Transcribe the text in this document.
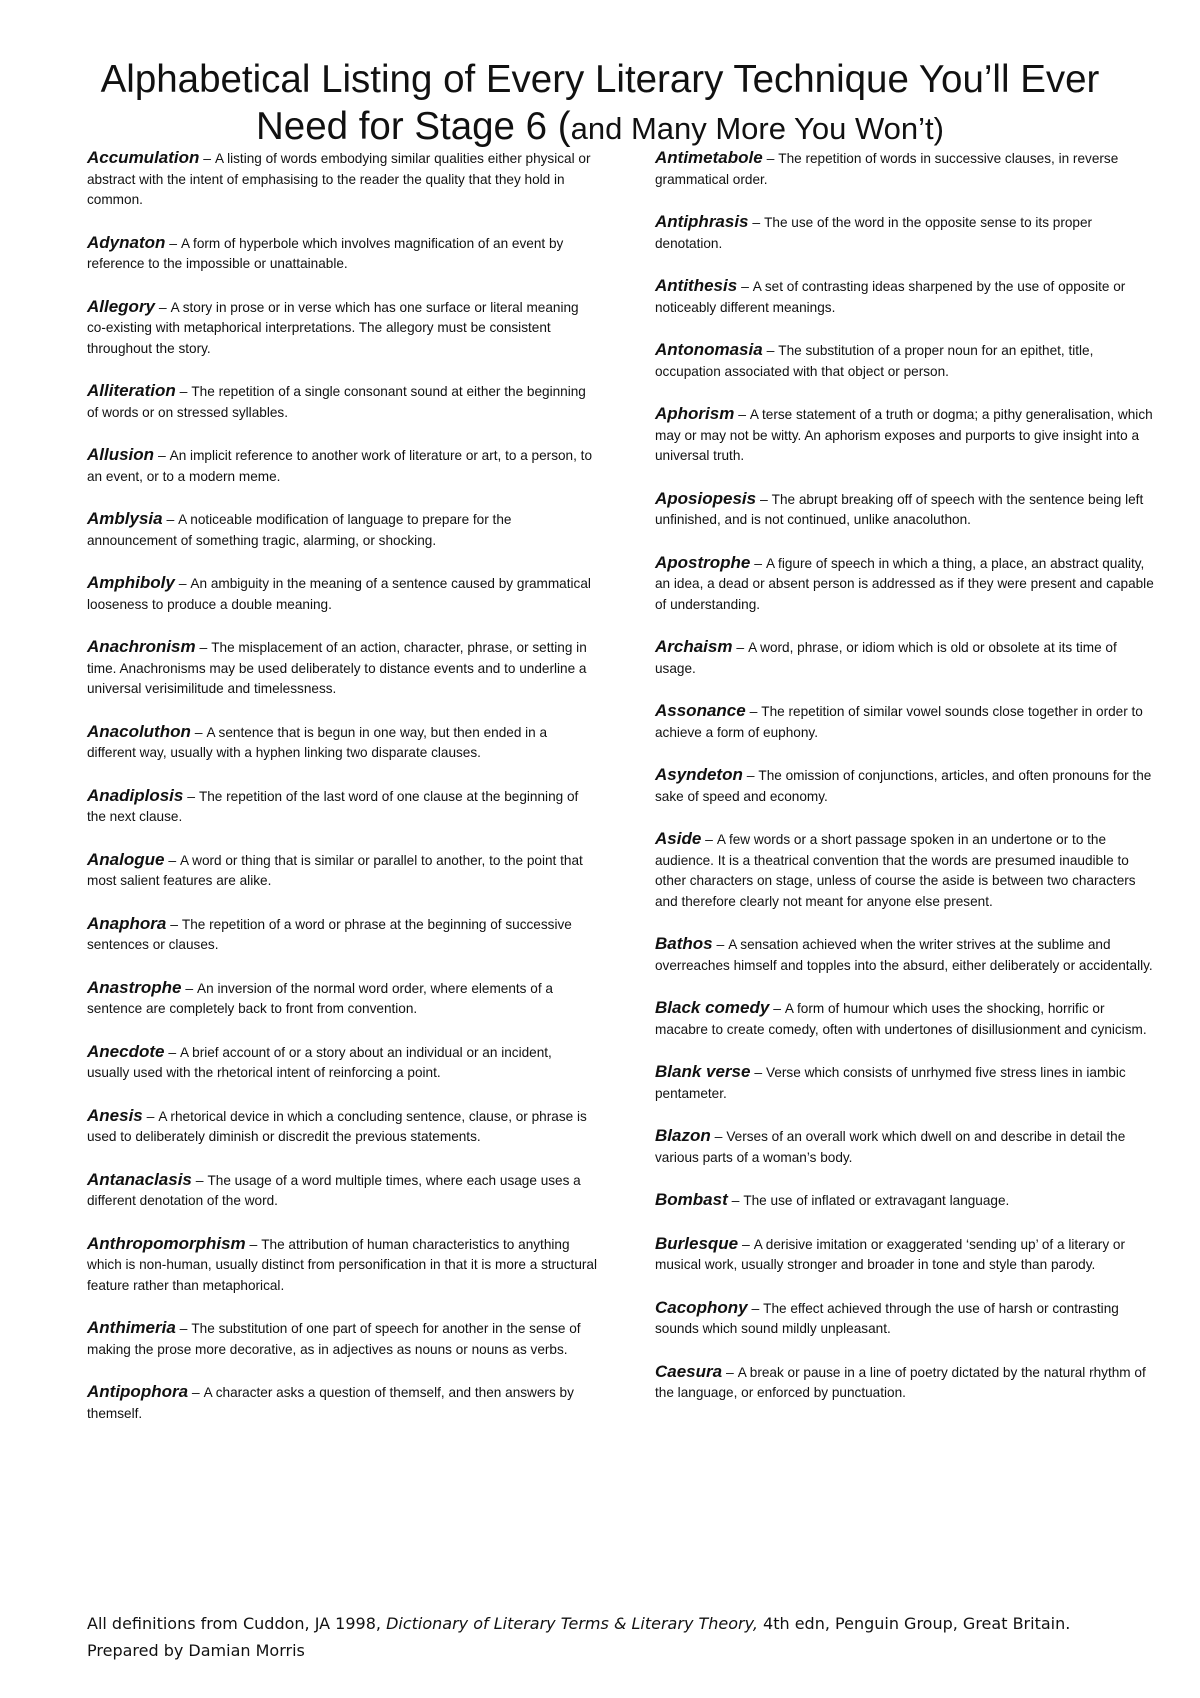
Alphabetical Listing of Every Literary Technique You’ll Ever
Need for Stage 6 (and Many More You Won’t)

Accumulation – A listing of words embodying similar qualities either physical or abstract with the intent of emphasising to the reader the quality that they hold in common.

Adynaton – A form of hyperbole which involves magnification of an event by reference to the impossible or unattainable.

Allegory – A story in prose or in verse which has one surface or literal meaning co-existing with metaphorical interpretations. The allegory must be consistent throughout the story.

Alliteration – The repetition of a single consonant sound at either the beginning of words or on stressed syllables.

Allusion – An implicit reference to another work of literature or art, to a person, to an event, or to a modern meme.

Amblysia – A noticeable modification of language to prepare for the announcement of something tragic, alarming, or shocking.

Amphiboly – An ambiguity in the meaning of a sentence caused by grammatical looseness to produce a double meaning.

Anachronism – The misplacement of an action, character, phrase, or setting in time. Anachronisms may be used deliberately to distance events and to underline a universal verisimilitude and timelessness.

Anacoluthon – A sentence that is begun in one way, but then ended in a different way, usually with a hyphen linking two disparate clauses.

Anadiplosis – The repetition of the last word of one clause at the beginning of the next clause.

Analogue – A word or thing that is similar or parallel to another, to the point that most salient features are alike.

Anaphora – The repetition of a word or phrase at the beginning of successive sentences or clauses.

Anastrophe – An inversion of the normal word order, where elements of a sentence are completely back to front from convention.

Anecdote – A brief account of or a story about an individual or an incident, usually used with the rhetorical intent of reinforcing a point.

Anesis – A rhetorical device in which a concluding sentence, clause, or phrase is used to deliberately diminish or discredit the previous statements.

Antanaclasis – The usage of a word multiple times, where each usage uses a different denotation of the word.

Anthropomorphism – The attribution of human characteristics to anything which is non-human, usually distinct from personification in that it is more a structural feature rather than metaphorical.

Anthimeria – The substitution of one part of speech for another in the sense of making the prose more decorative, as in adjectives as nouns or nouns as verbs.

Antipophora – A character asks a question of themself, and then answers by themself.

Antimetabole – The repetition of words in successive clauses, in reverse grammatical order.

Antiphrasis – The use of the word in the opposite sense to its proper denotation.

Antithesis – A set of contrasting ideas sharpened by the use of opposite or noticeably different meanings.

Antonomasia – The substitution of a proper noun for an epithet, title, occupation associated with that object or person.

Aphorism – A terse statement of a truth or dogma; a pithy generalisation, which may or may not be witty. An aphorism exposes and purports to give insight into a universal truth.

Aposiopesis – The abrupt breaking off of speech with the sentence being left unfinished, and is not continued, unlike anacoluthon.

Apostrophe – A figure of speech in which a thing, a place, an abstract quality, an idea, a dead or absent person is addressed as if they were present and capable of understanding.

Archaism – A word, phrase, or idiom which is old or obsolete at its time of usage.

Assonance – The repetition of similar vowel sounds close together in order to achieve a form of euphony.

Asyndeton – The omission of conjunctions, articles, and often pronouns for the sake of speed and economy.

Aside – A few words or a short passage spoken in an undertone or to the audience. It is a theatrical convention that the words are presumed inaudible to other characters on stage, unless of course the aside is between two characters and therefore clearly not meant for anyone else present.

Bathos – A sensation achieved when the writer strives at the sublime and overreaches himself and topples into the absurd, either deliberately or accidentally.

Black comedy – A form of humour which uses the shocking, horrific or macabre to create comedy, often with undertones of disillusionment and cynicism.

Blank verse – Verse which consists of unrhymed five stress lines in iambic pentameter.

Blazon – Verses of an overall work which dwell on and describe in detail the various parts of a woman’s body.

Bombast – The use of inflated or extravagant language.

Burlesque – A derisive imitation or exaggerated ‘sending up’ of a literary or musical work, usually stronger and broader in tone and style than parody.

Cacophony – The effect achieved through the use of harsh or contrasting sounds which sound mildly unpleasant.

Caesura – A break or pause in a line of poetry dictated by the natural rhythm of the language, or enforced by punctuation.

All definitions from Cuddon, JA 1998, Dictionary of Literary Terms & Literary Theory, 4th edn, Penguin Group, Great Britain. Prepared by Damian Morris
